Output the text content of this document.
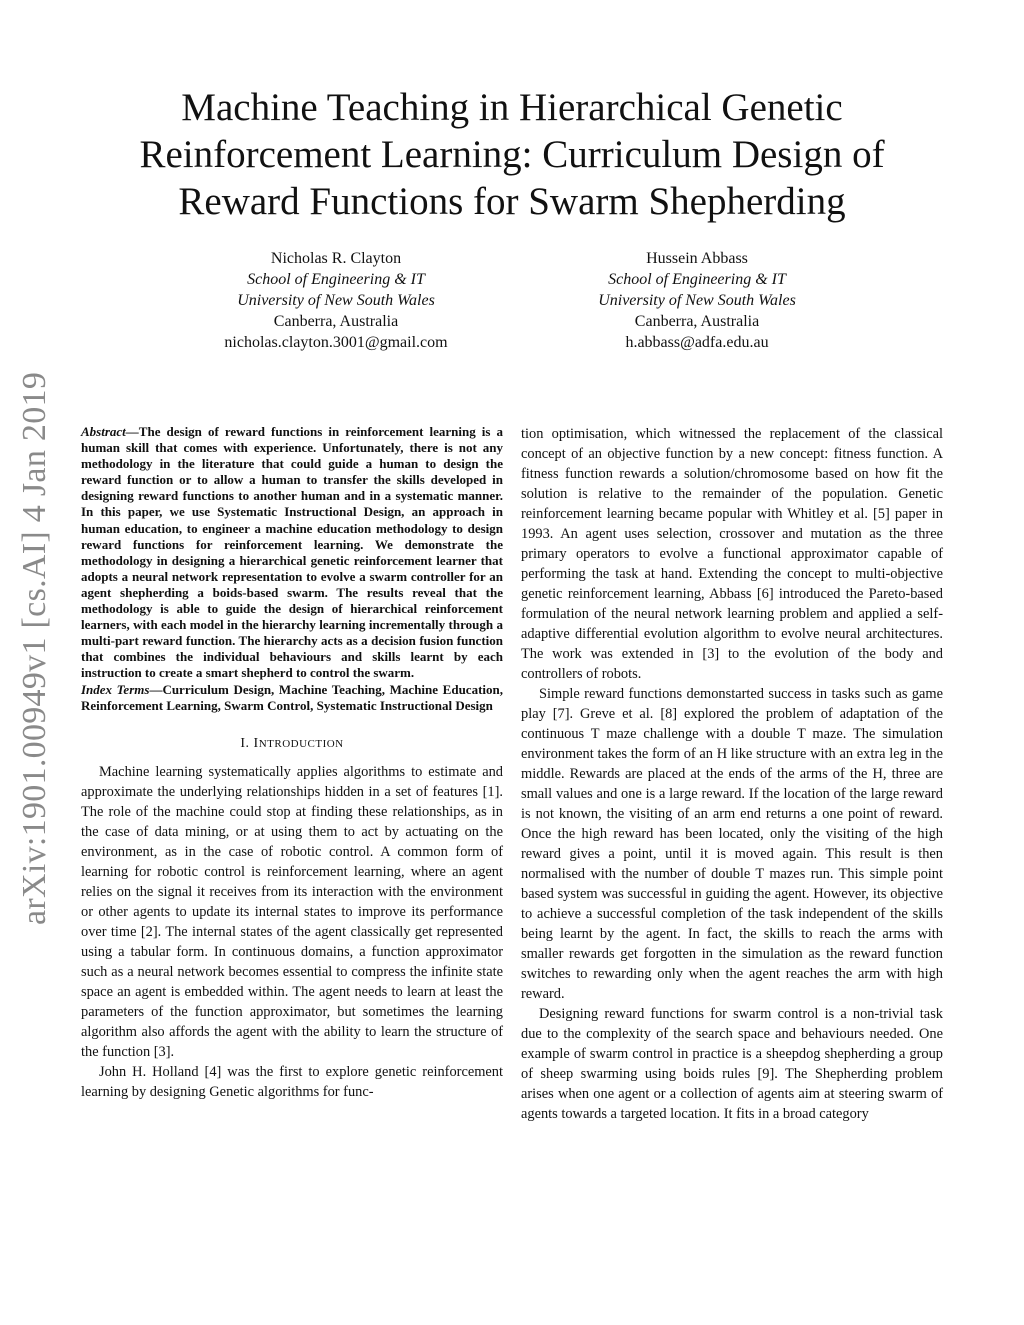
Machine Teaching in Hierarchical Genetic
Reinforcement Learning: Curriculum Design of
Reward Functions for Swarm Shepherding
Nicholas R. Clayton
School of Engineering & IT
University of New South Wales
Canberra, Australia
nicholas.clayton.3001@gmail.com
Hussein Abbass
School of Engineering & IT
University of New South Wales
Canberra, Australia
h.abbass@adfa.edu.au
arXiv:1901.00949v1 [cs.AI] 4 Jan 2019 Abstract—The design of reward functions in reinforcement learning is a human skill that comes with experience. Unfortunately, there is not any methodology in the literature that could guide a human to design the reward function or to allow a human to transfer the skills developed in designing reward functions to another human and in a systematic manner. In this paper, we use Systematic Instructional Design, an approach in human education, to engineer a machine education methodology to design reward functions for reinforcement learning. We demonstrate the methodology in designing a hierarchical genetic reinforcement learner that adopts a neural network representation to evolve a swarm controller for an agent shepherding a boids-based swarm. The results reveal that the methodology is able to guide the design of hierarchical reinforcement learners, with each model in the hierarchy learning incrementally through a multi-part reward function. The hierarchy acts as a decision fusion function that combines the individual behaviours and skills learnt by each instruction to create a smart shepherd to control the swarm.

Index Terms—Curriculum Design, Machine Teaching, Machine Education, Reinforcement Learning, Swarm Control, Systematic Instructional Design

I. INTRODUCTION

Machine learning systematically applies algorithms to estimate and approximate the underlying relationships hidden in a set of features [1]. The role of the machine could stop at finding these relationships, as in the case of data mining, or at using them to act by actuating on the environment, as in the case of robotic control. A common form of learning for robotic control is reinforcement learning, where an agent relies on the signal it receives from its interaction with the environment or other agents to update its internal states to improve its performance over time [2]. The internal states of the agent classically get represented using a tabular form. In continuous domains, a function approximator such as a neural network becomes essential to compress the infinite state space an agent is embedded within. The agent needs to learn at least the parameters of the function approximator, but sometimes the learning algorithm also affords the agent with the ability to learn the structure of the function [3].

John H. Holland [4] was the first to explore genetic reinforcement learning by designing Genetic algorithms for func-

tion optimisation, which witnessed the replacement of the classical concept of an objective function by a new concept: fitness function. A fitness function rewards a solution/chromosome based on how fit the solution is relative to the remainder of the population. Genetic reinforcement learning became popular with Whitley et al. [5] paper in 1993. An agent uses selection, crossover and mutation as the three primary operators to evolve a functional approximator capable of performing the task at hand. Extending the concept to multi-objective genetic reinforcement learning, Abbass [6] introduced the Pareto-based formulation of the neural network learning problem and applied a self-adaptive differential evolution algorithm to evolve neural architectures. The work was extended in [3] to the evolution of the body and controllers of robots.

Simple reward functions demonstarted success in tasks such as game play [7]. Greve et al. [8] explored the problem of adaptation of the continuous T maze challenge with a double T maze. The simulation environment takes the form of an H like structure with an extra leg in the middle. Rewards are placed at the ends of the arms of the H, three are small values and one is a large reward. If the location of the large reward is not known, the visiting of an arm end returns a one point of reward. Once the high reward has been located, only the visiting of the high reward gives a point, until it is moved again. This result is then normalised with the number of double T mazes run. This simple point based system was successful in guiding the agent. However, its objective to achieve a successful completion of the task independent of the skills being learnt by the agent. In fact, the skills to reach the arms with smaller rewards get forgotten in the simulation as the reward function switches to rewarding only when the agent reaches the arm with high reward.

Designing reward functions for swarm control is a non-trivial task due to the complexity of the search space and behaviours needed. One example of swarm control in practice is a sheepdog shepherding a group of sheep swarming using boids rules [9]. The Shepherding problem arises when one agent or a collection of agents aim at steering swarm of agents towards a targeted location. It fits in a broad category
